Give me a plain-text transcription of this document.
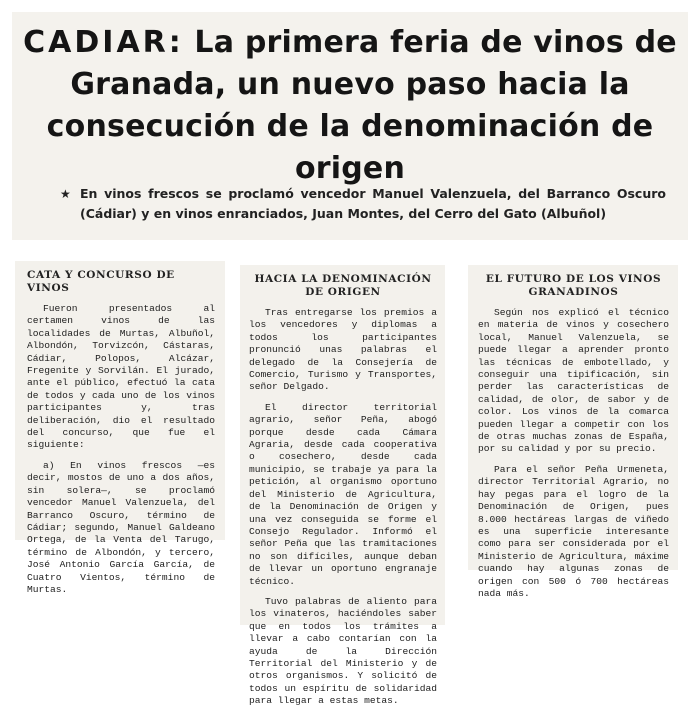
CADIAR: La primera feria de vinos de Granada, un nuevo paso hacia la consecución de la denominación de origen

★ En vinos frescos se proclamó vencedor Manuel Valenzuela, del Barranco Oscuro (Cádiar) y en vinos enranciados, Juan Montes, del Cerro del Gato (Albuñol)

CATA Y CONCURSO DE VINOS

Fueron presentados al certamen vinos de las localidades de Murtas, Albuñol, Albondón, Torvizcón, Cástaras, Cádiar, Polopos, Alcázar, Fregenite y Sorvilán. El jurado, ante el público, efectuó la cata de todos y cada uno de los vinos participantes y, tras deliberación, dio el resultado del concurso, que fue el siguiente:

a) En vinos frescos —es decir, mostos de uno a dos años, sin solera—, se proclamó vencedor Manuel Valenzuela, del Barranco Oscuro, término de Cádiar; segundo, Manuel Galdeano Ortega, de la Venta del Tarugo, término de Albondón, y tercero, José Antonio García García, de Cuatro Vientos, término de Murtas.

HACIA LA DENOMINACIÓN DE ORIGEN

Tras entregarse los premios a los vencedores y diplomas a todos los participantes pronunció unas palabras el delegado de la Consejería de Comercio, Turismo y Transportes, señor Delgado.

El director territorial agrario, señor Peña, abogó porque desde cada Cámara Agraria, desde cada cooperativa o cosechero, desde cada municipio, se trabaje ya para la petición, al organismo oportuno del Ministerio de Agricultura, de la Denominación de Origen y una vez conseguida se forme el Consejo Regulador. Informó el señor Peña que las tramitaciones no son difíciles, aunque deban de llevar un oportuno engranaje técnico.

Tuvo palabras de aliento para los vinateros, haciéndoles saber que en todos los trámites a llevar a cabo contarían con la ayuda de la Dirección Territorial del Ministerio y de otros organismos. Y solicitó de todos un espíritu de solidaridad para llegar a estas metas.

EL FUTURO DE LOS VINOS GRANADINOS

Según nos explicó el técnico en materia de vinos y cosechero local, Manuel Valenzuela, se puede llegar a aprender pronto las técnicas de embotellado, y conseguir una tipificación, sin perder las características de calidad, de olor, de sabor y de color. Los vinos de la comarca pueden llegar a competir con los de otras muchas zonas de España, por su calidad y por su precio.

Para el señor Peña Urmeneta, director Territorial Agrario, no hay pegas para el logro de la Denominación de Origen, pues 8.000 hectáreas largas de viñedo es una superficie interesante como para ser considerada por el Ministerio de Agricultura, máxime cuando hay algunas zonas de origen con 500 ó 700 hectáreas nada más.
